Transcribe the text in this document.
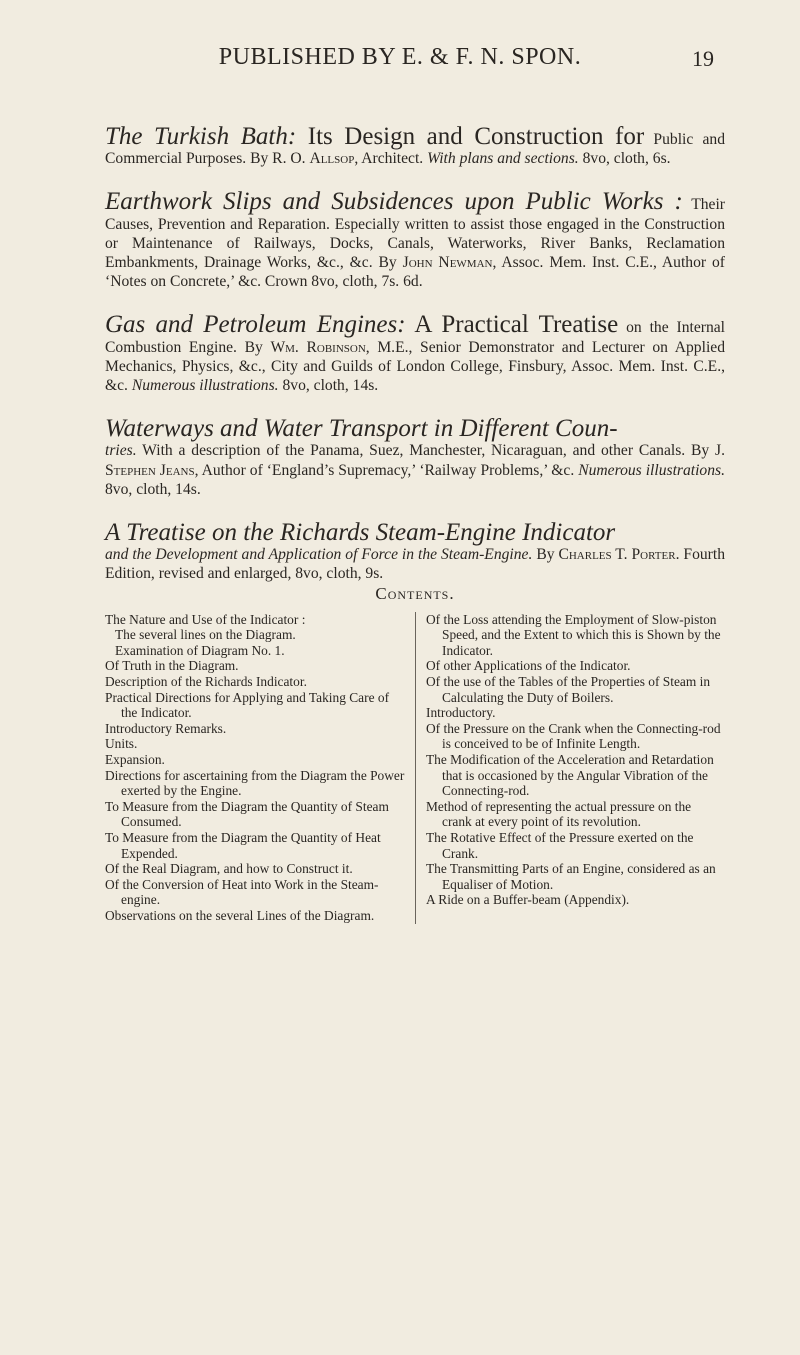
PUBLISHED BY E. & F. N. SPON.	19
The Turkish Bath: Its Design and Construction for Public and Commercial Purposes. By R. O. Allsop, Architect. With plans and sections. 8vo, cloth, 6s.
Earthwork Slips and Subsidences upon Public Works : Their Causes, Prevention and Reparation. Especially written to assist those engaged in the Construction or Maintenance of Railways, Docks, Canals, Waterworks, River Banks, Reclamation Embankments, Drainage Works, &c., &c. By John Newman, Assoc. Mem. Inst. C.E., Author of ‘Notes on Concrete,’ &c. Crown 8vo, cloth, 7s. 6d.
Gas and Petroleum Engines: A Practical Treatise on the Internal Combustion Engine. By Wm. Robinson, M.E., Senior Demonstrator and Lecturer on Applied Mechanics, Physics, &c., City and Guilds of London College, Finsbury, Assoc. Mem. Inst. C.E., &c. Numerous illustrations. 8vo, cloth, 14s.
Waterways and Water Transport in Different Coun-
tries. With a description of the Panama, Suez, Manchester, Nicaraguan, and other Canals. By J. Stephen Jeans, Author of ‘England’s Supremacy,’ ‘Railway Problems,’ &c. Numerous illustrations. 8vo, cloth, 14s.
A Treatise on the Richards Steam-Engine Indicator
and the Development and Application of Force in the Steam-Engine. By Charles T. Porter. Fourth Edition, revised and enlarged, 8vo, cloth, 9s.
Contents.
The Nature and Use of the Indicator :
The several lines on the Diagram.
Examination of Diagram No. 1.
Of Truth in the Diagram.
Description of the Richards Indicator.
Practical Directions for Applying and Taking Care of the Indicator.
Introductory Remarks.
Units.
Expansion.
Directions for ascertaining from the Diagram the Power exerted by the Engine.
To Measure from the Diagram the Quantity of Steam Consumed.
To Measure from the Diagram the Quantity of Heat Expended.
Of the Real Diagram, and how to Construct it.
Of the Conversion of Heat into Work in the Steam-engine.
Observations on the several Lines of the Diagram.
Of the Loss attending the Employment of Slow-piston Speed, and the Extent to which this is Shown by the Indicator.
Of other Applications of the Indicator.
Of the use of the Tables of the Properties of Steam in Calculating the Duty of Boilers.
Introductory.
Of the Pressure on the Crank when the Connecting-rod is conceived to be of Infinite Length.
The Modification of the Acceleration and Retardation that is occasioned by the Angular Vibration of the Connecting-rod.
Method of representing the actual pressure on the crank at every point of its revolution.
The Rotative Effect of the Pressure exerted on the Crank.
The Transmitting Parts of an Engine, considered as an Equaliser of Motion.
A Ride on a Buffer-beam (Appendix).
